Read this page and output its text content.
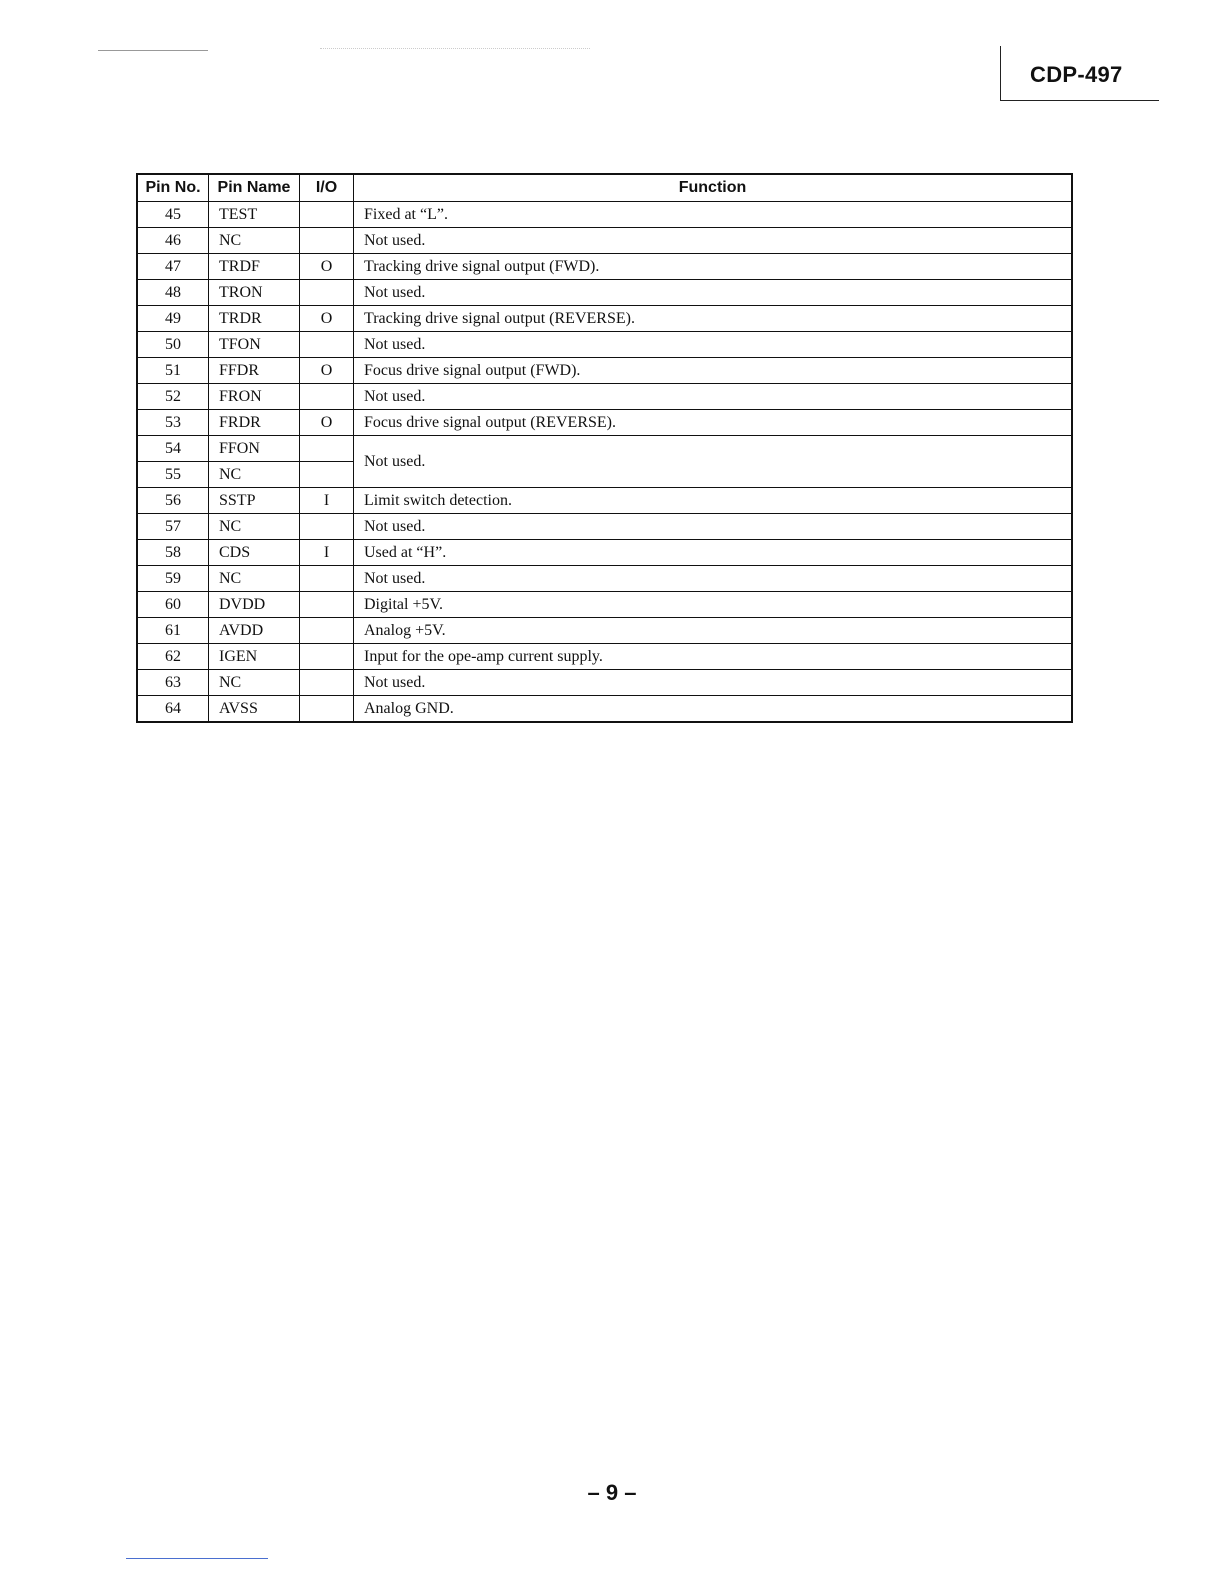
CDP-497
Pin No.	Pin Name	I/O	Function
45	TEST		Fixed at “L”.
46	NC		Not used.
47	TRDF	O	Tracking drive signal output (FWD).
48	TRON		Not used.
49	TRDR	O	Tracking drive signal output (REVERSE).
50	TFON		Not used.
51	FFDR	O	Focus drive signal output (FWD).
52	FRON		Not used.
53	FRDR	O	Focus drive signal output (REVERSE).
54	FFON		Not used.
55	NC		
56	SSTP	I	Limit switch detection.
57	NC		Not used.
58	CDS	I	Used at “H”.
59	NC		Not used.
60	DVDD		Digital +5V.
61	AVDD		Analog +5V.
62	IGEN		Input for the ope-amp current supply.
63	NC		Not used.
64	AVSS		Analog GND.
– 9 –
